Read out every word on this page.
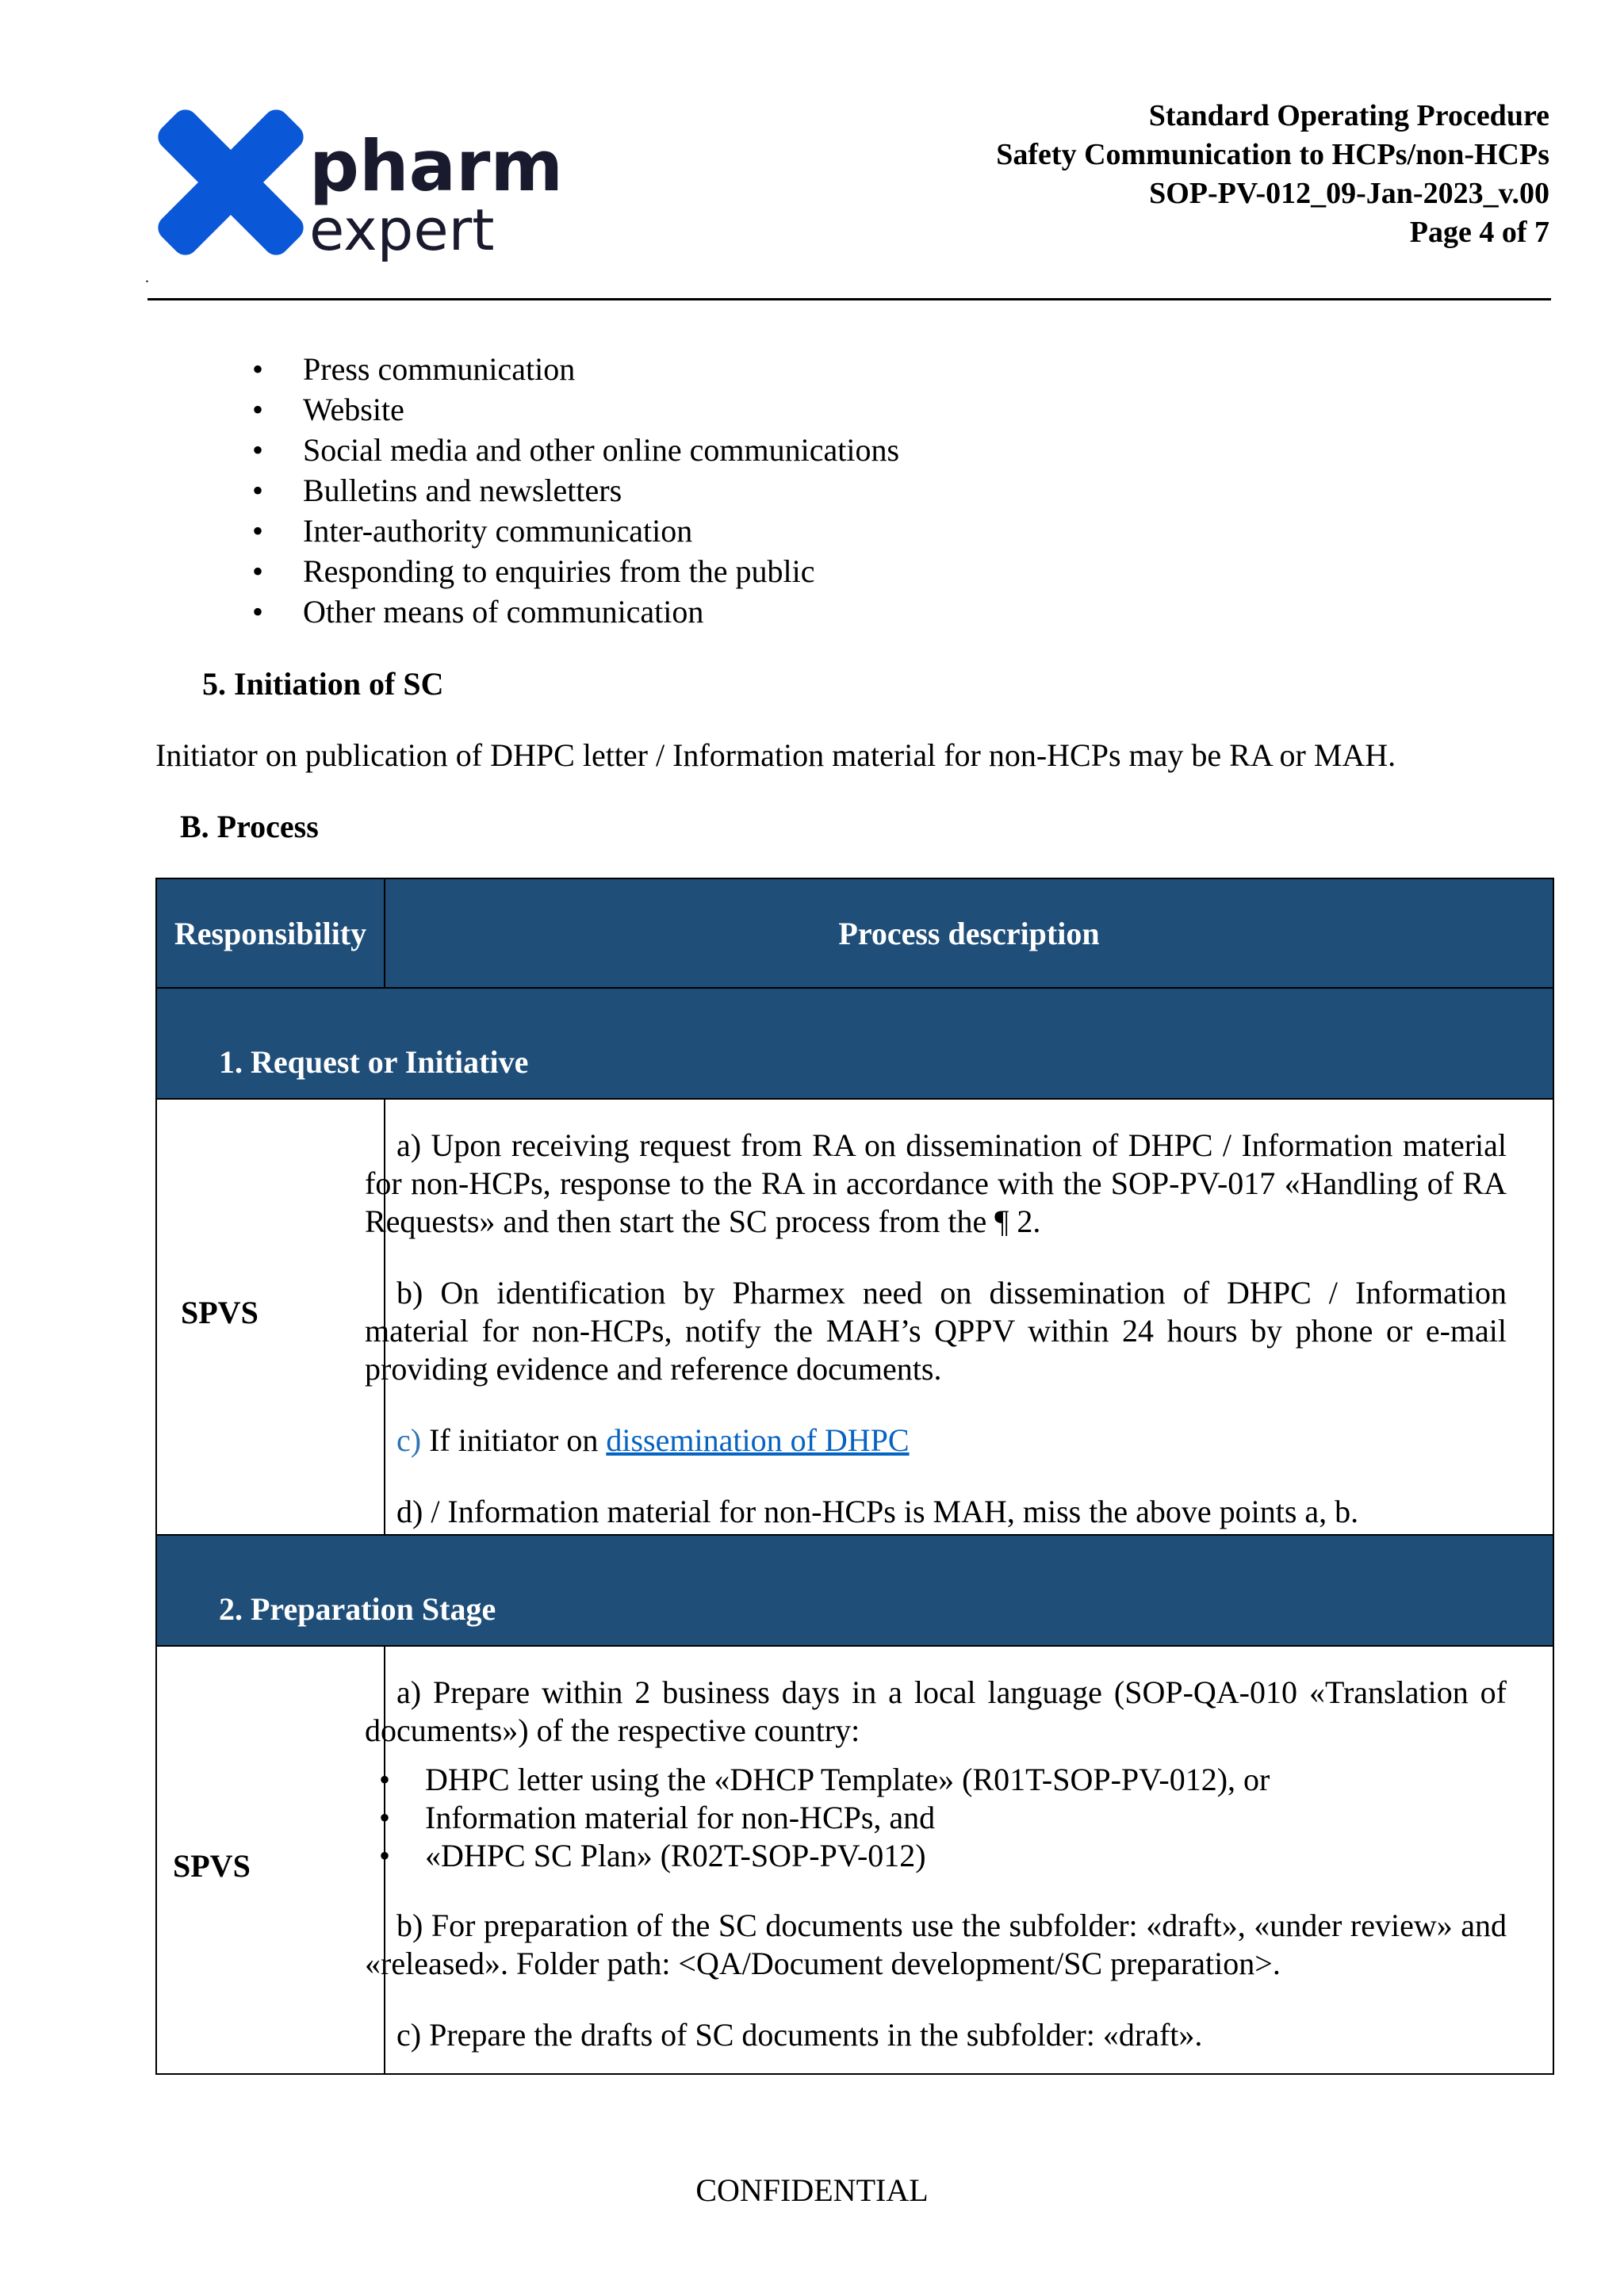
pharm
expert
Standard Operating Procedure
Safety Communication to HCPs/non-HCPs
SOP-PV-012_09-Jan-2023_v.00
Page 4 of 7
.
• Press communication
• Website
• Social media and other online communications
• Bulletins and newsletters
• Inter-authority communication
• Responding to enquiries from the public
• Other means of communication
5. Initiation of SC
Initiator on publication of DHPC letter / Information material for non-HCPs may be RA or MAH.
B. Process
Responsibility	Process description
1. Request or Initiative
SPVS
2. Preparation Stage
SPVS

a) Upon receiving request from RA on dissemination of DHPC / Information material for non-HCPs, response to the RA in accordance with the SOP-PV-017 «Handling of RA Requests» and then start the SC process from the ¶ 2.

b) On identification by Pharmex need on dissemination of DHPC / Information material for non-HCPs, notify the MAH’s QPPV within 24 hours by phone or e-mail providing evidence and reference documents.

c) If initiator on dissemination of DHPC

d) / Information material for non-HCPs is MAH, miss the above points a, b.

a) Prepare within 2 business days in a local language (SOP-QA-010 «Translation of documents») of the respective country:

• DHPC letter using the «DHCP Template» (R01T-SOP-PV-012), or
• Information material for non-HCPs, and
• «DHPC SC Plan» (R02T-SOP-PV-012)

b) For preparation of the SC documents use the subfolder: «draft», «under review» and «released». Folder path: <QA/Document development/SC preparation>.

c) Prepare the drafts of SC documents in the subfolder: «draft».

CONFIDENTIAL
